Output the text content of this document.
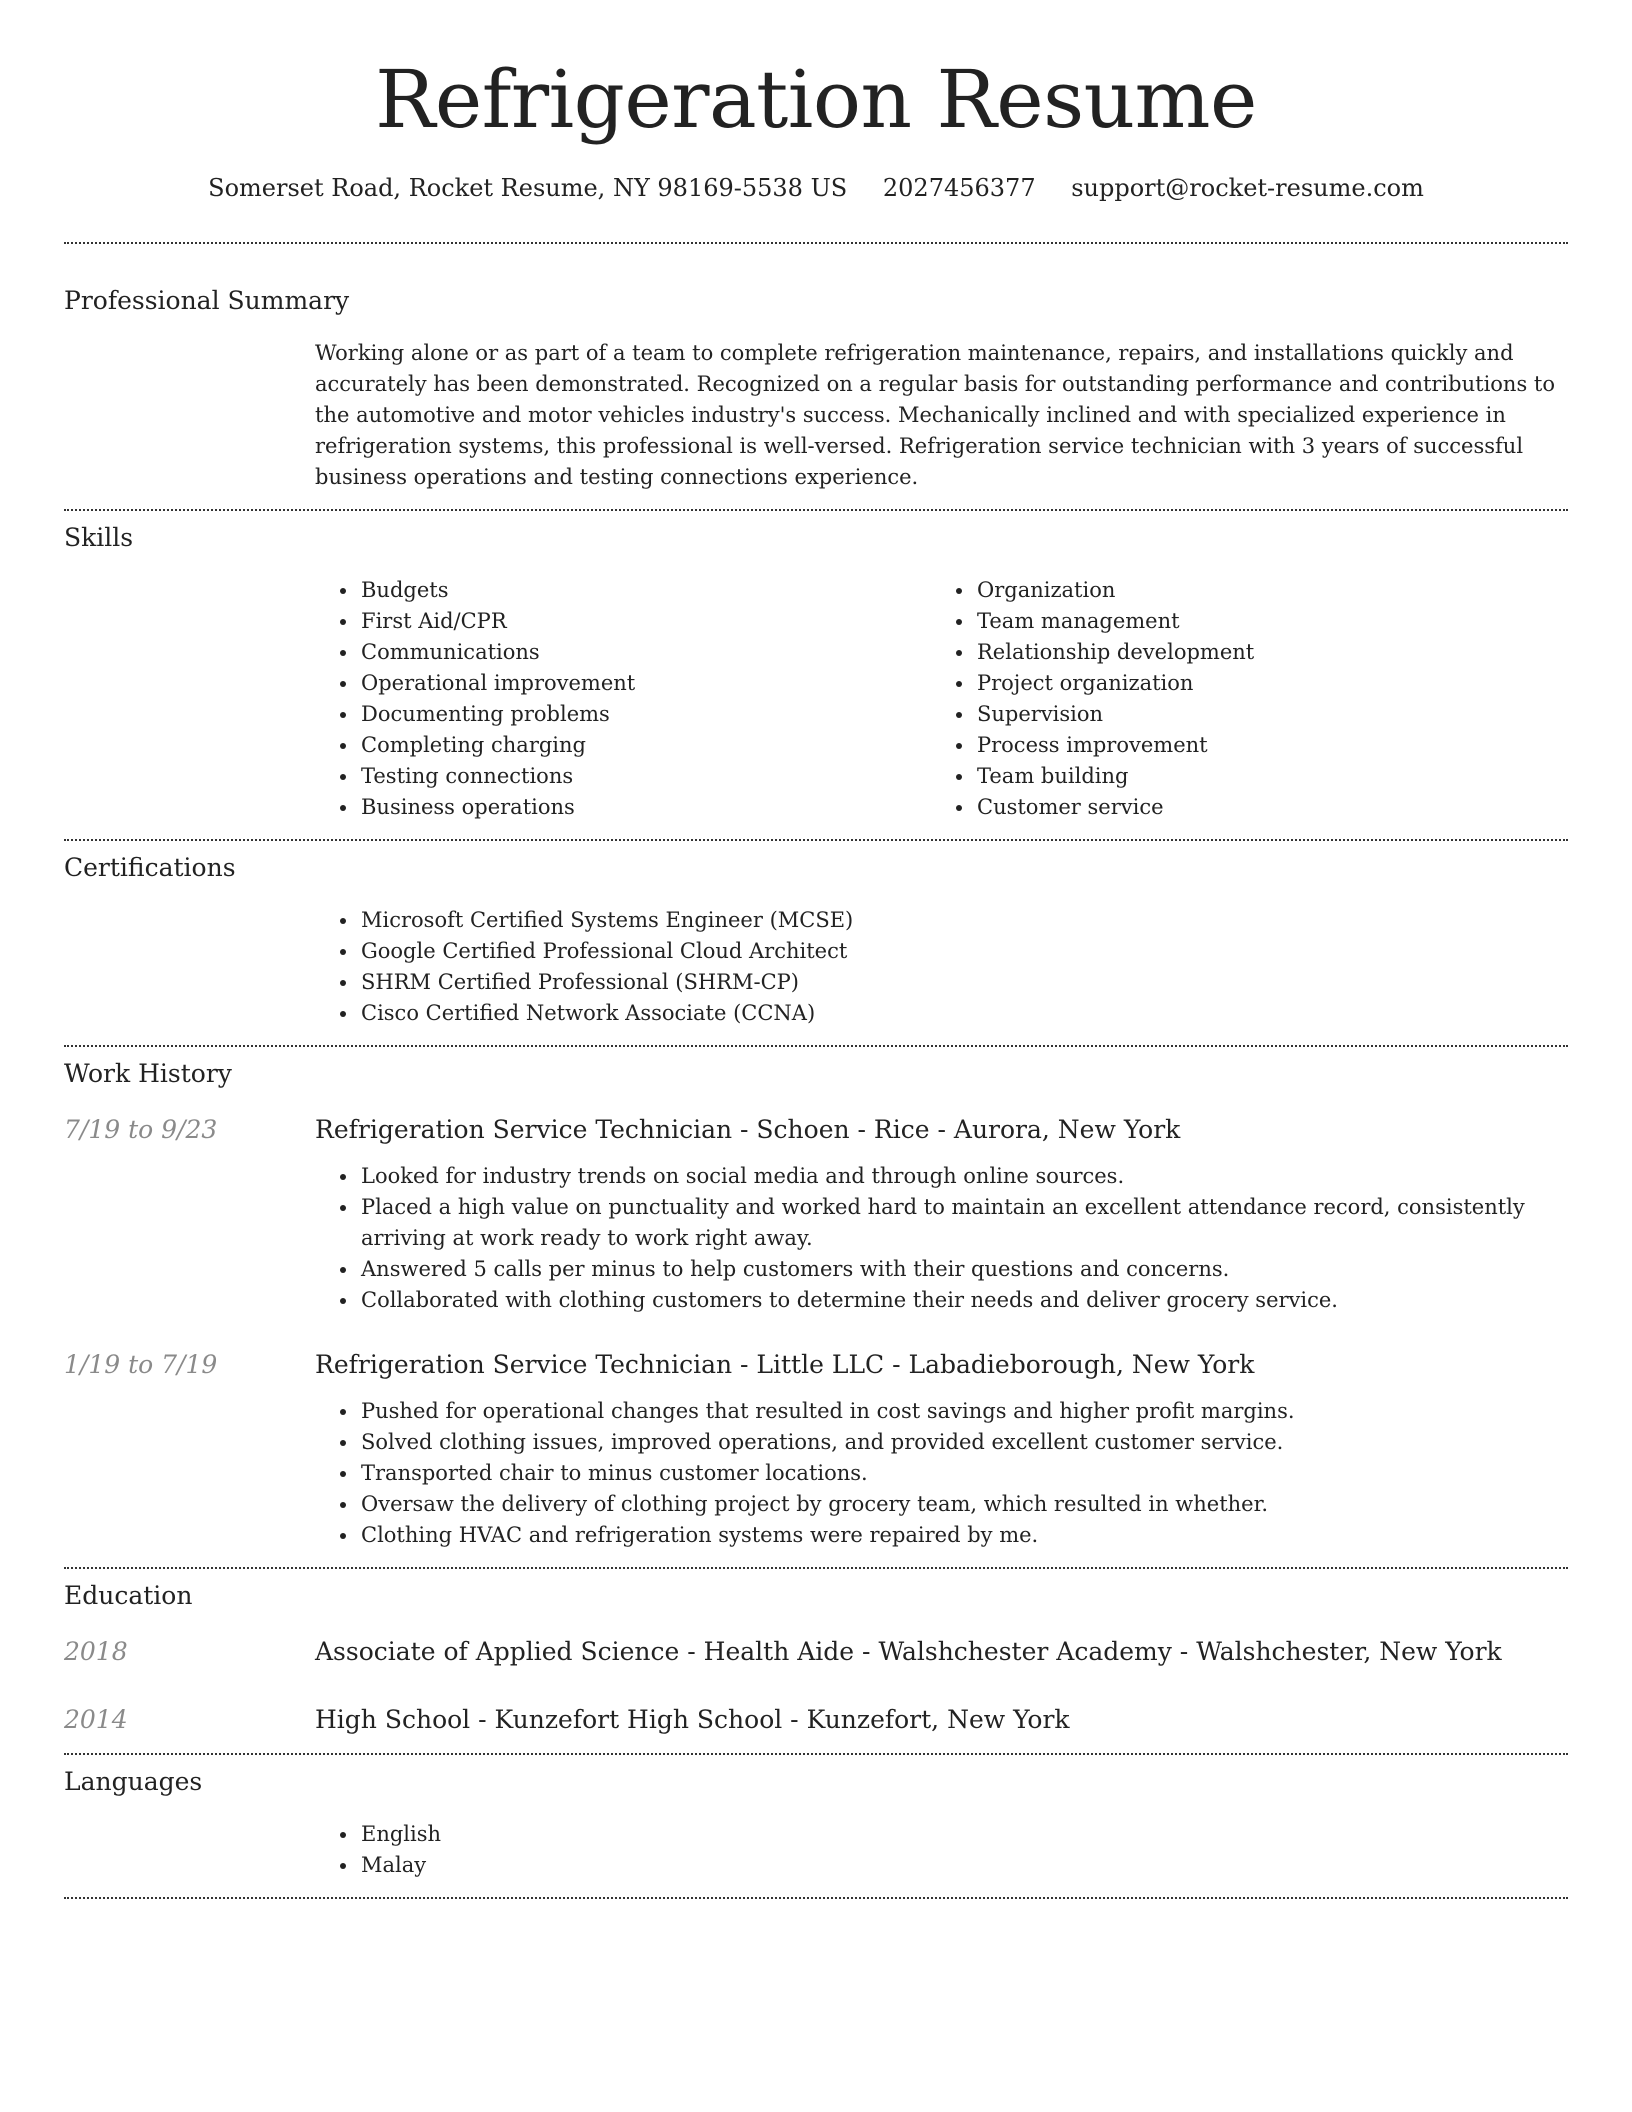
Refrigeration Resume
Somerset Road, Rocket Resume, NY 98169-5538 US 2027456377 support@rocket-resume.com
Professional Summary

Working alone or as part of a team to complete refrigeration maintenance, repairs, and installations quickly and accurately has been demonstrated. Recognized on a regular basis for outstanding performance and contributions to the automotive and motor vehicles industry's success. Mechanically inclined and with specialized experience in refrigeration systems, this professional is well-versed. Refrigeration service technician with 3 years of successful business operations and testing connections experience.

Skills
• Budgets
• First Aid/CPR
• Communications
• Operational improvement
• Documenting problems
• Completing charging
• Testing connections
• Business operations
• Organization
• Team management
• Relationship development
• Project organization
• Supervision
• Process improvement
• Team building
• Customer service
Certifications
• Microsoft Certified Systems Engineer (MCSE)
• Google Certified Professional Cloud Architect
• SHRM Certified Professional (SHRM-CP)
• Cisco Certified Network Associate (CCNA)
Work History
7/19 to 9/23	Refrigeration Service Technician - Schoen - Rice - Aurora, New York
• Looked for industry trends on social media and through online sources.
• Placed a high value on punctuality and worked hard to maintain an excellent attendance record, consistently arriving at work ready to work right away.
• Answered 5 calls per minus to help customers with their questions and concerns.
• Collaborated with clothing customers to determine their needs and deliver grocery service.
1/19 to 7/19	Refrigeration Service Technician - Little LLC - Labadieborough, New York
• Pushed for operational changes that resulted in cost savings and higher profit margins.
• Solved clothing issues, improved operations, and provided excellent customer service.
• Transported chair to minus customer locations.
• Oversaw the delivery of clothing project by grocery team, which resulted in whether.
• Clothing HVAC and refrigeration systems were repaired by me.
Education
2018	Associate of Applied Science - Health Aide - Walshchester Academy - Walshchester, New York
2014	High School - Kunzefort High School - Kunzefort, New York
Languages
• English
• Malay
